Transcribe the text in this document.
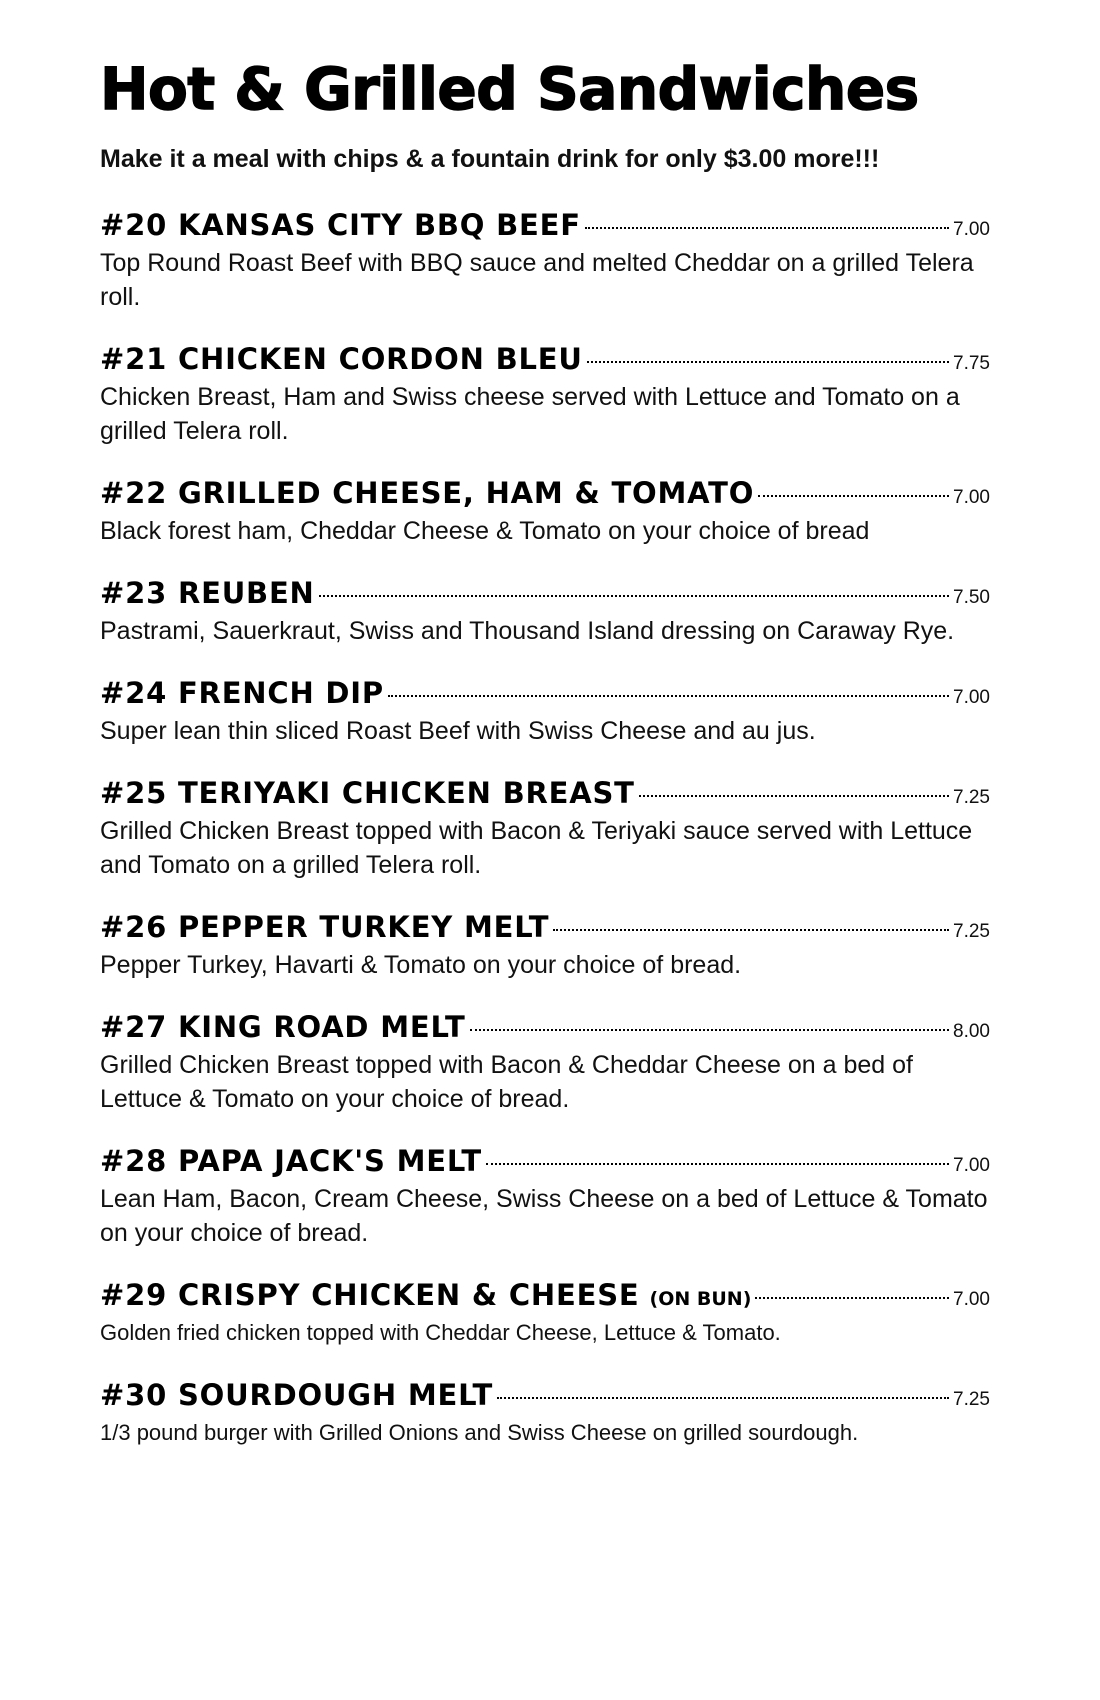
Hot & Grilled Sandwiches
Make it a meal with chips & a fountain drink for only $3.00 more!!!
#20 KANSAS CITY BBQ BEEF	7.00
Top Round Roast Beef with BBQ sauce and melted Cheddar on a grilled Telera roll.
#21 CHICKEN CORDON BLEU	7.75
Chicken Breast, Ham and Swiss cheese served with Lettuce and Tomato on a grilled Telera roll.
#22 GRILLED CHEESE, HAM & TOMATO	7.00
Black forest ham, Cheddar Cheese & Tomato on your choice of bread
#23 REUBEN	7.50
Pastrami, Sauerkraut, Swiss and Thousand Island dressing on Caraway Rye.
#24 FRENCH DIP	7.00
Super lean thin sliced Roast Beef with Swiss Cheese and au jus.
#25 TERIYAKI CHICKEN BREAST	7.25
Grilled Chicken Breast topped with Bacon & Teriyaki sauce served with Lettuce and Tomato on a grilled Telera roll.
#26 PEPPER TURKEY MELT	7.25
Pepper Turkey, Havarti & Tomato on your choice of bread.
#27 KING ROAD MELT	8.00
Grilled Chicken Breast topped with Bacon & Cheddar Cheese on a bed of Lettuce & Tomato on your choice of bread.
#28 PAPA JACK'S MELT	7.00
Lean Ham, Bacon, Cream Cheese, Swiss Cheese on a bed of Lettuce & Tomato on your choice of bread.
#29 CRISPY CHICKEN & CHEESE (ON BUN)	7.00
Golden fried chicken topped with Cheddar Cheese, Lettuce & Tomato.
#30 SOURDOUGH MELT	7.25
1/3 pound burger with Grilled Onions and Swiss Cheese on grilled sourdough.
